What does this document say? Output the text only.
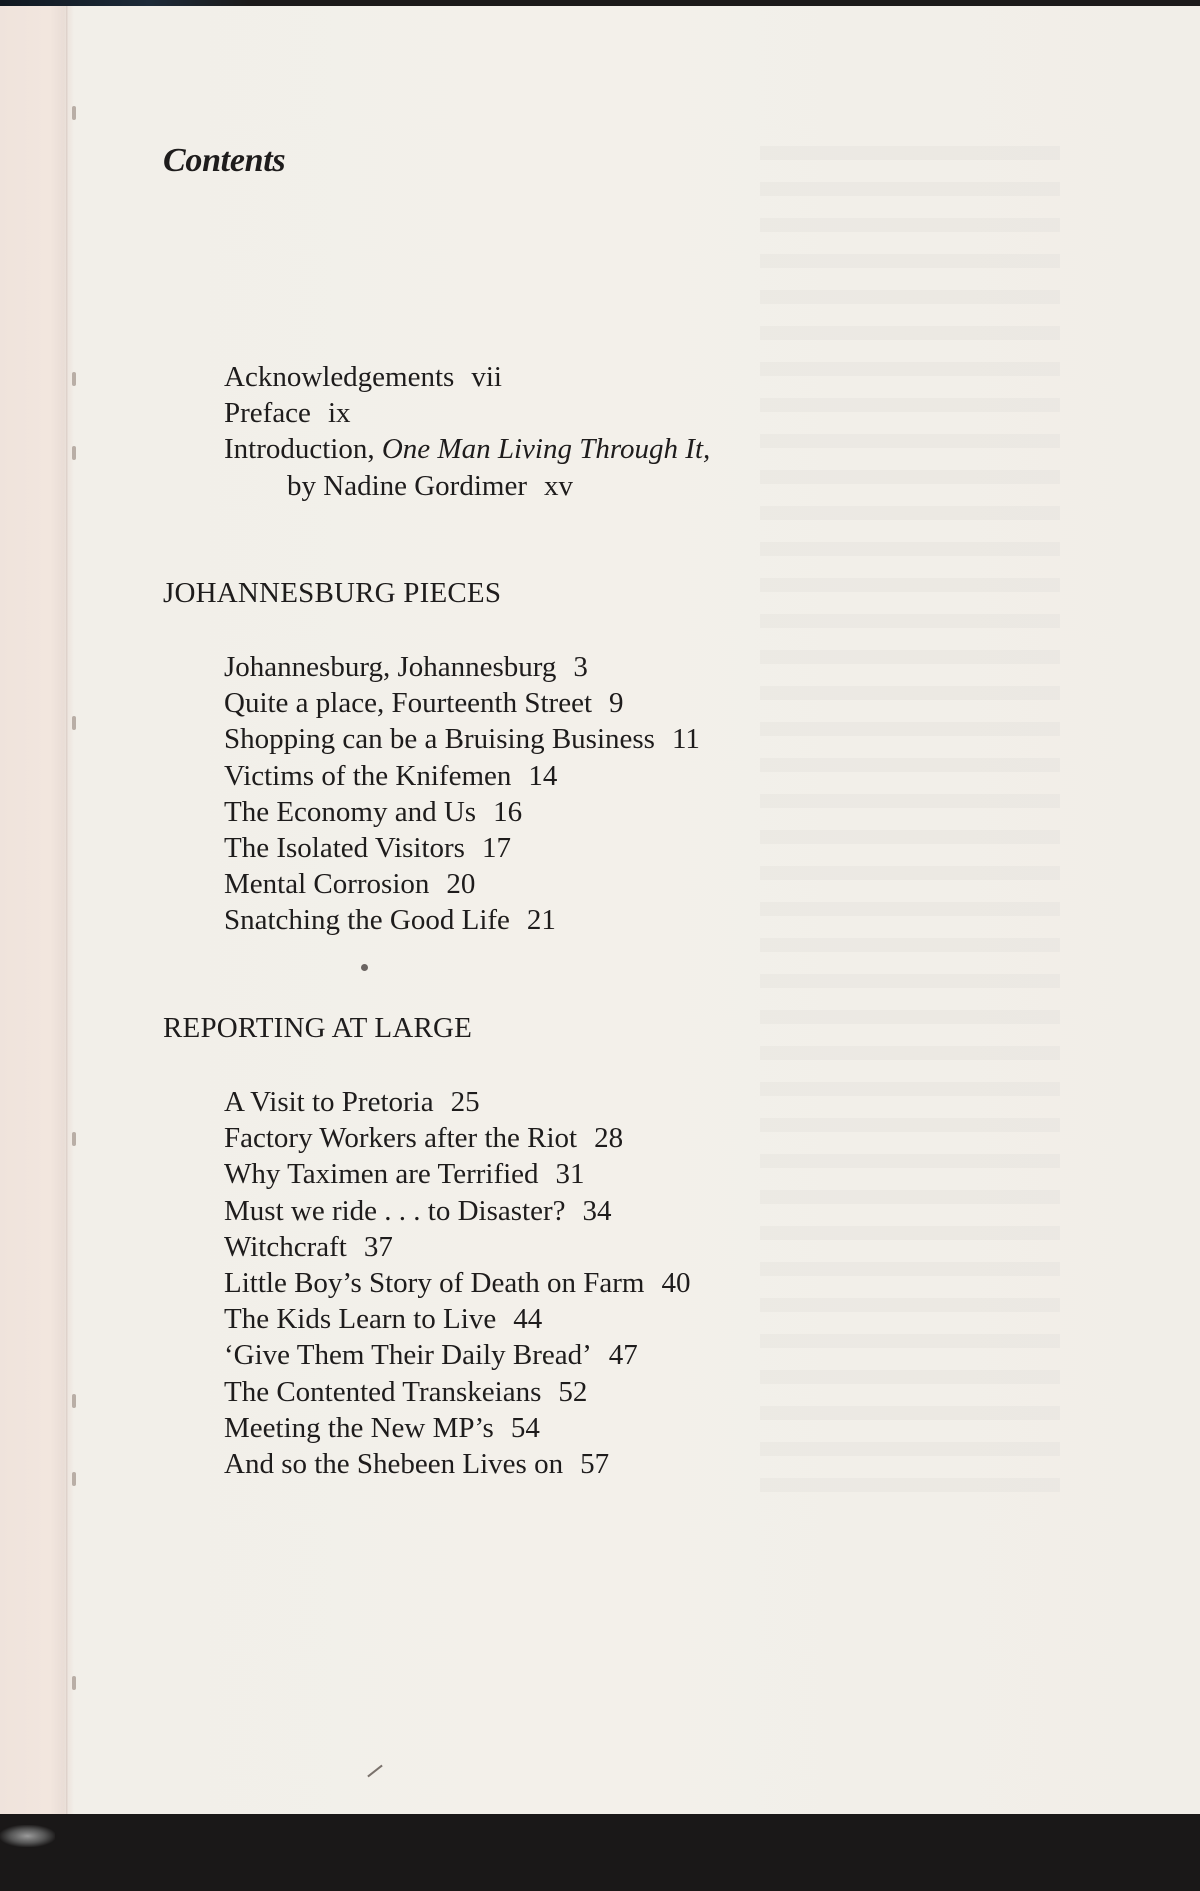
Contents
Acknowledgements vii
Preface ix
Introduction, One Man Living Through It,
by Nadine Gordimer xv
JOHANNESBURG PIECES
Johannesburg, Johannesburg 3
Quite a place, Fourteenth Street 9
Shopping can be a Bruising Business 11
Victims of the Knifemen 14
The Economy and Us 16
The Isolated Visitors 17
Mental Corrosion 20
Snatching the Good Life 21
REPORTING AT LARGE
A Visit to Pretoria 25
Factory Workers after the Riot 28
Why Taximen are Terrified 31
Must we ride . . . to Disaster? 34
Witchcraft 37
Little Boy’s Story of Death on Farm 40
The Kids Learn to Live 44
‘Give Them Their Daily Bread’ 47
The Contented Transkeians 52
Meeting the New MP’s 54
And so the Shebeen Lives on 57
